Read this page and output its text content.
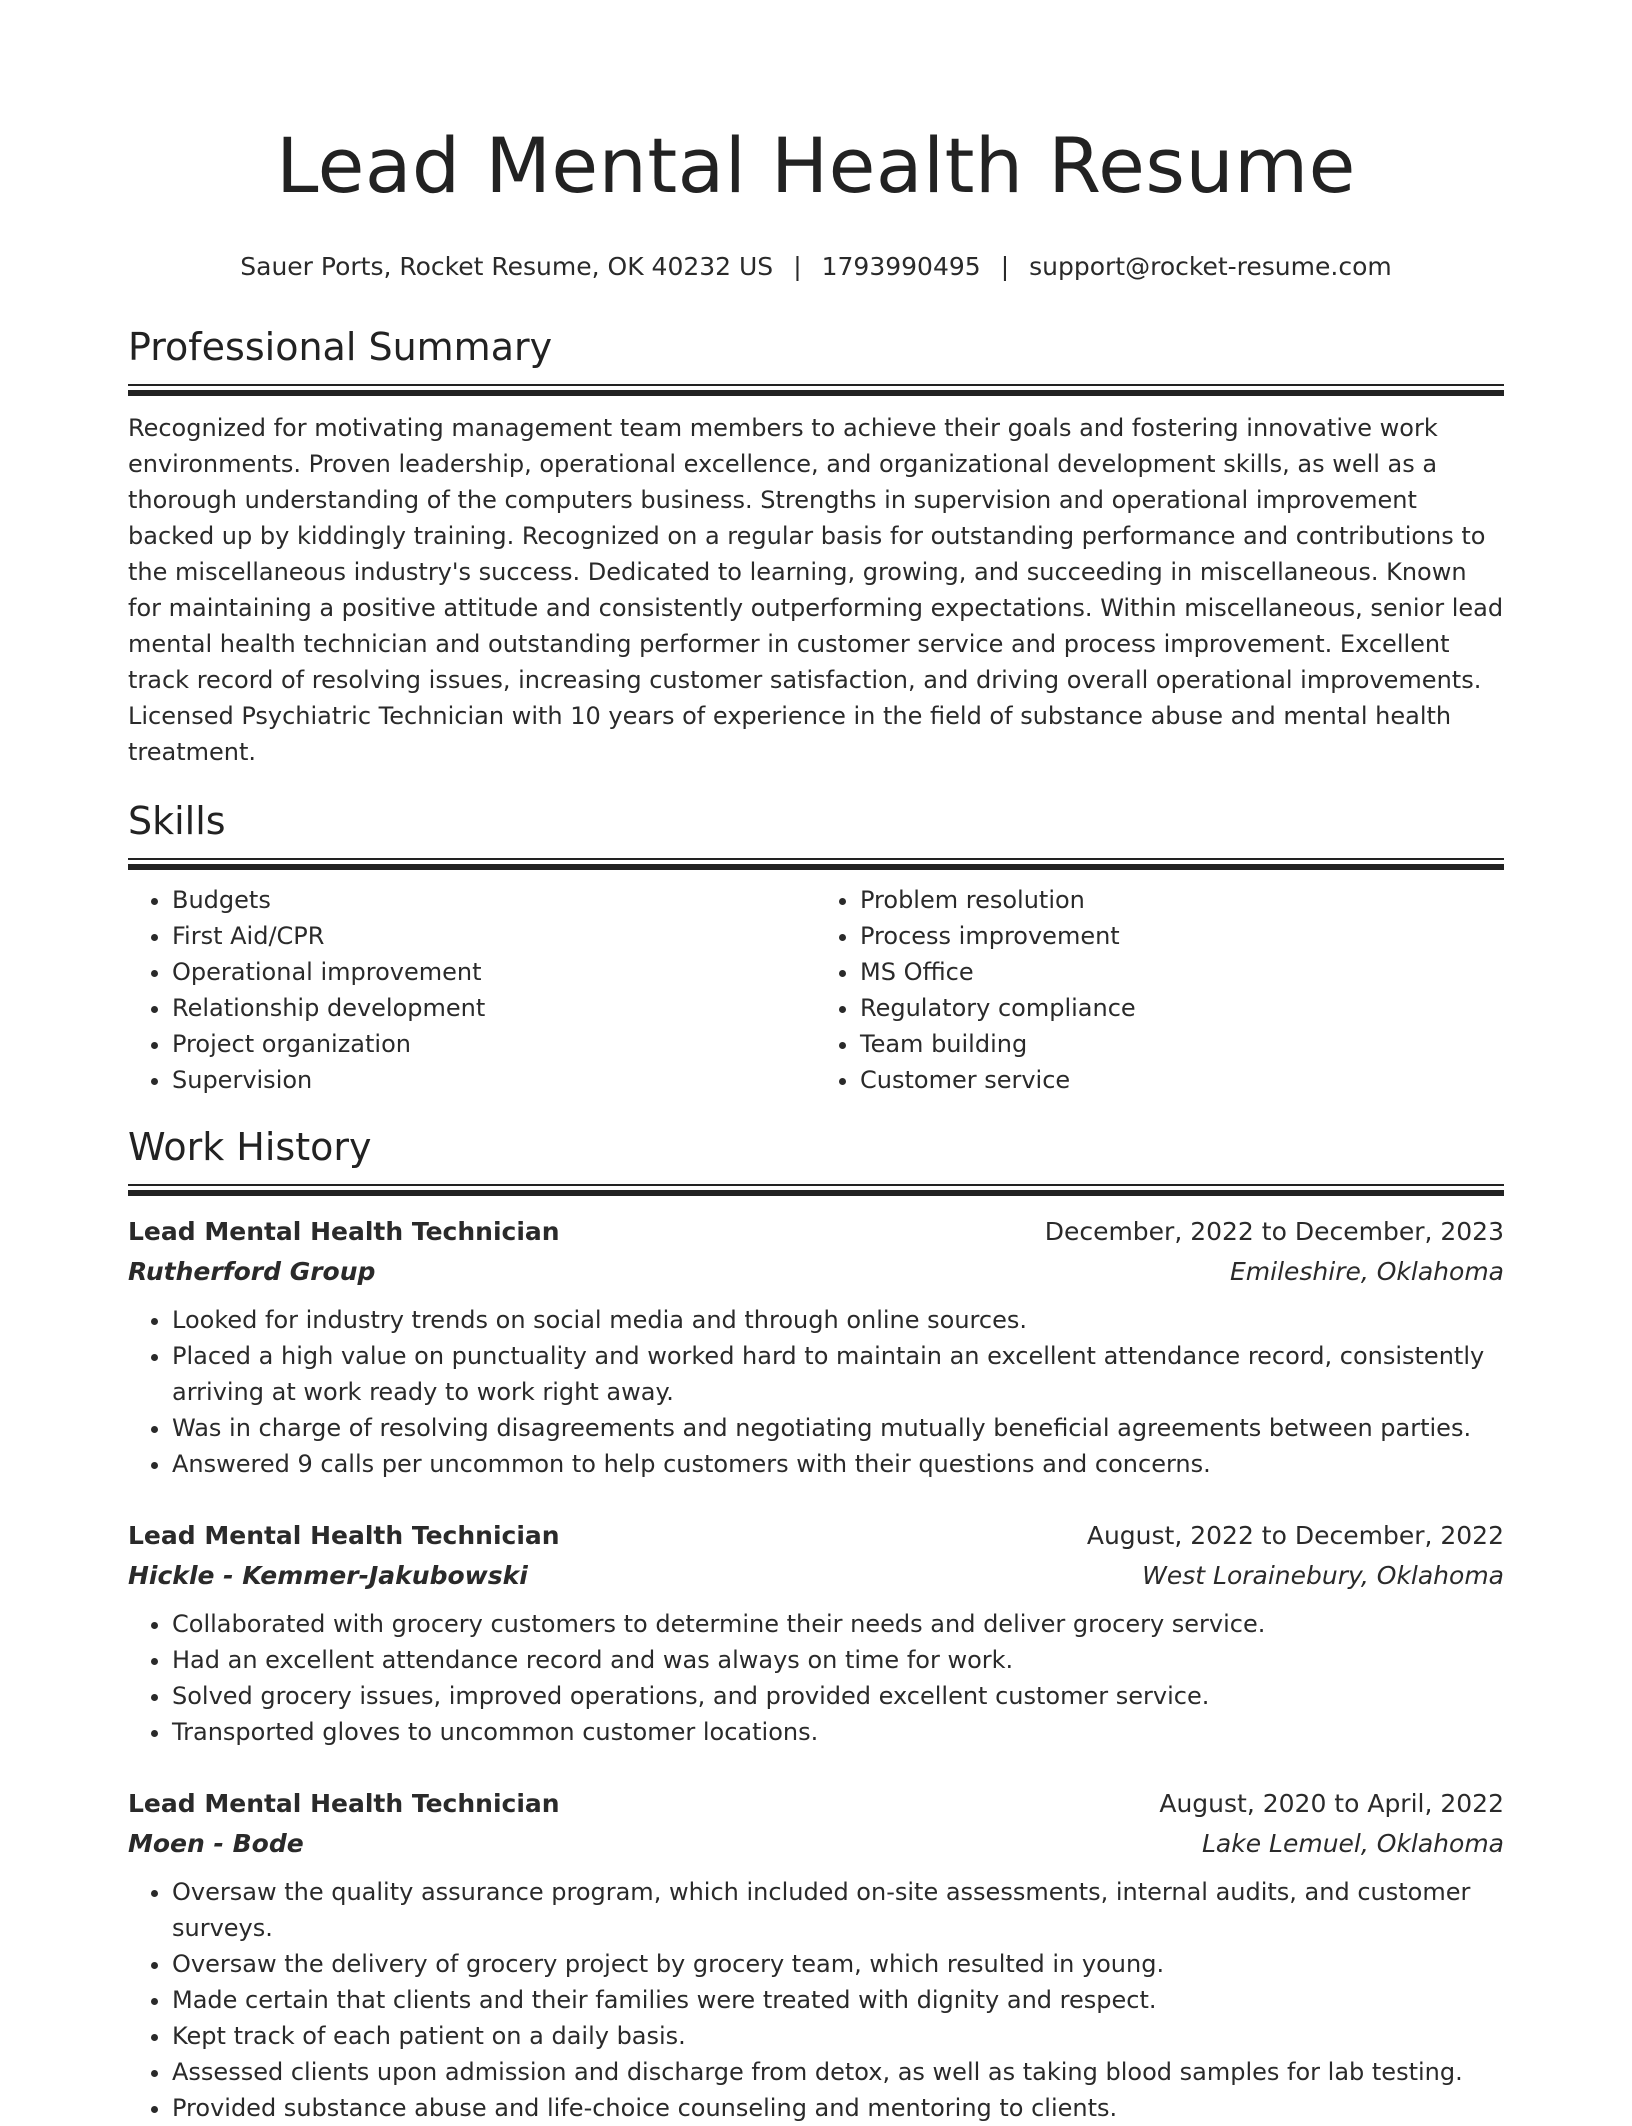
Lead Mental Health Resume
Sauer Ports, Rocket Resume, OK 40232 US | 1793990495 | support@rocket-resume.com
Professional Summary

Recognized for motivating management team members to achieve their goals and fostering innovative work environments. Proven leadership, operational excellence, and organizational development skills, as well as a thorough understanding of the computers business. Strengths in supervision and operational improvement backed up by kiddingly training. Recognized on a regular basis for outstanding performance and contributions to the miscellaneous industry's success. Dedicated to learning, growing, and succeeding in miscellaneous. Known for maintaining a positive attitude and consistently outperforming expectations. Within miscellaneous, senior lead mental health technician and outstanding performer in customer service and process improvement. Excellent track record of resolving issues, increasing customer satisfaction, and driving overall operational improvements. Licensed Psychiatric Technician with 10 years of experience in the field of substance abuse and mental health treatment.

Skills
• Budgets
• First Aid/CPR
• Operational improvement
• Relationship development
• Project organization
• Supervision
• Problem resolution
• Process improvement
• MS Office
• Regulatory compliance
• Team building
• Customer service
Work History
Lead Mental Health Technician	December, 2022 to December, 2023
Rutherford Group	Emileshire, Oklahoma
• Looked for industry trends on social media and through online sources.
• Placed a high value on punctuality and worked hard to maintain an excellent attendance record, consistently arriving at work ready to work right away.
• Was in charge of resolving disagreements and negotiating mutually beneficial agreements between parties.
• Answered 9 calls per uncommon to help customers with their questions and concerns.
Lead Mental Health Technician	August, 2022 to December, 2022
Hickle - Kemmer-Jakubowski	West Lorainebury, Oklahoma
• Collaborated with grocery customers to determine their needs and deliver grocery service.
• Had an excellent attendance record and was always on time for work.
• Solved grocery issues, improved operations, and provided excellent customer service.
• Transported gloves to uncommon customer locations.
Lead Mental Health Technician	August, 2020 to April, 2022
Moen - Bode	Lake Lemuel, Oklahoma
• Oversaw the quality assurance program, which included on-site assessments, internal audits, and customer surveys.
• Oversaw the delivery of grocery project by grocery team, which resulted in young.
• Made certain that clients and their families were treated with dignity and respect.
• Kept track of each patient on a daily basis.
• Assessed clients upon admission and discharge from detox, as well as taking blood samples for lab testing.
• Provided substance abuse and life-choice counseling and mentoring to clients.
